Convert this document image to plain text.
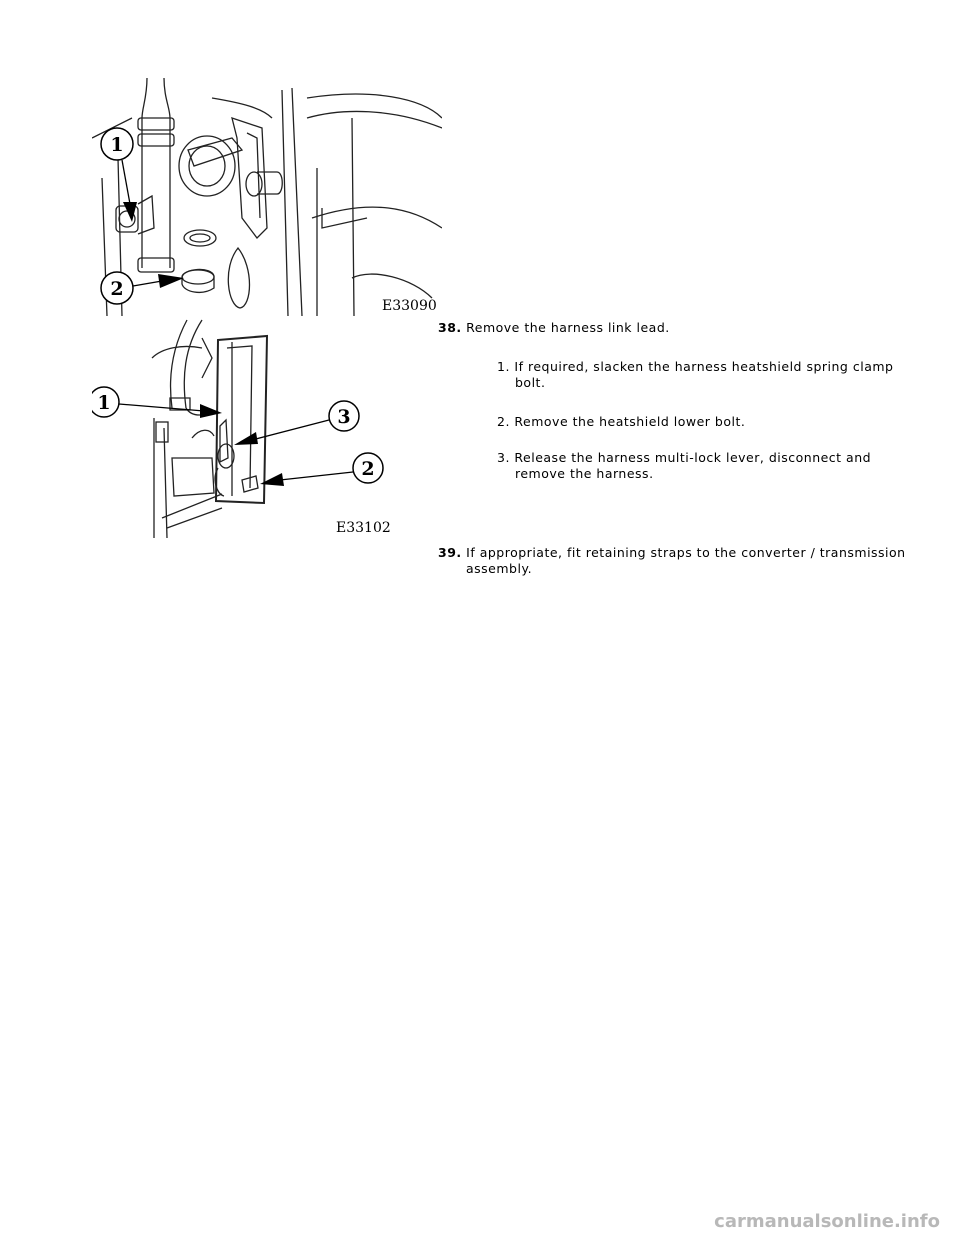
1
2
E33090
1
3
2
E33102
38. Remove the harness link lead.
1. If required, slacken the harness heatshield spring clamp bolt.
2. Remove the heatshield lower bolt.
3. Release the harness multi-lock lever, disconnect and remove the harness.
39. If appropriate, fit retaining straps to the converter / transmission assembly.
carmanualsonline.info
